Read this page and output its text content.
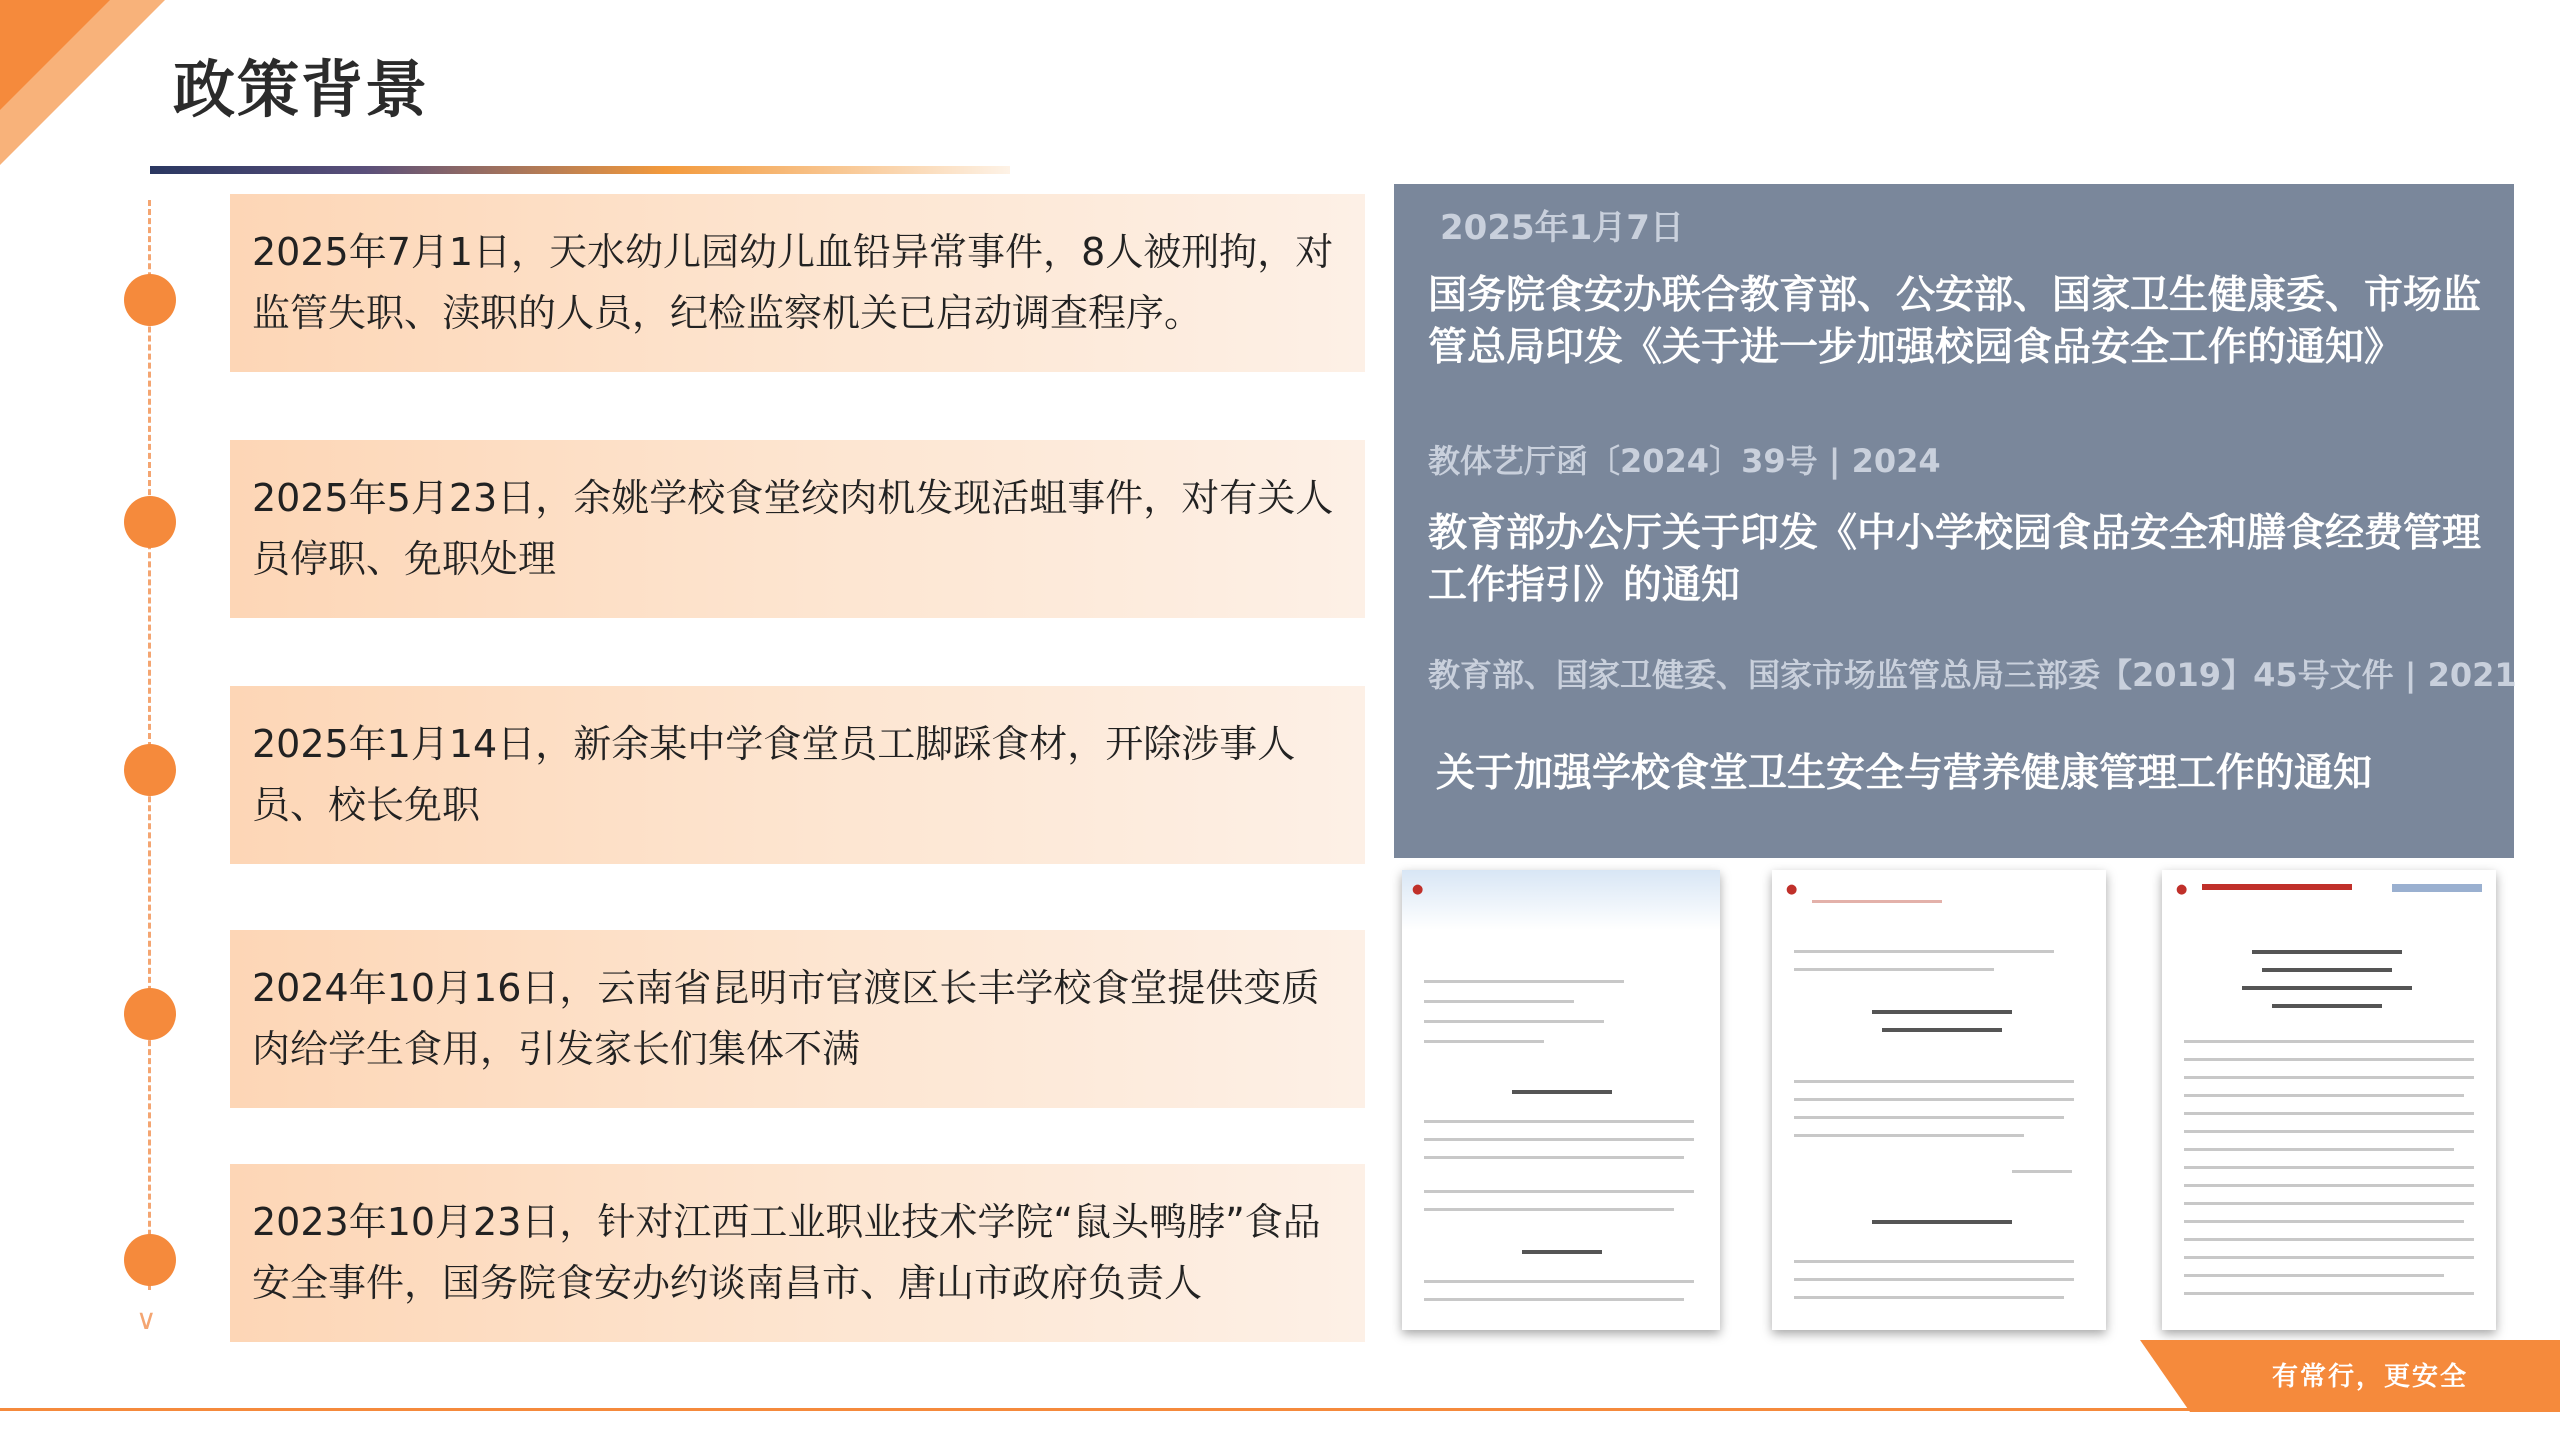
政策背景
∨
2025年7月1日，天水幼儿园幼儿血铅异常事件，8人被刑拘，对监管失职、渎职的人员，纪检监察机关已启动调查程序。
2025年5月23日，余姚学校食堂绞肉机发现活蛆事件，对有关人员停职、免职处理
2025年1月14日，新余某中学食堂员工脚踩食材，开除涉事人员、校长免职
2024年10月16日，云南省昆明市官渡区长丰学校食堂提供变质肉给学生食用，引发家长们集体不满
2023年10月23日，针对江西工业职业技术学院“鼠头鸭脖”食品安全事件，国务院食安办约谈南昌市、唐山市政府负责人
2025年1月7日
国务院食安办联合教育部、公安部、国家卫生健康委、市场监管总局印发《关于进一步加强校园食品安全工作的通知》
教体艺厅函〔2024〕39号 | 2024
教育部办公厅关于印发《中小学校园食品安全和膳食经费管理工作指引》的通知
教育部、国家卫健委、国家市场监管总局三部委【2019】45号文件 | 2021
关于加强学校食堂卫生安全与营养健康管理工作的通知
●	●	●
有常行，更安全
